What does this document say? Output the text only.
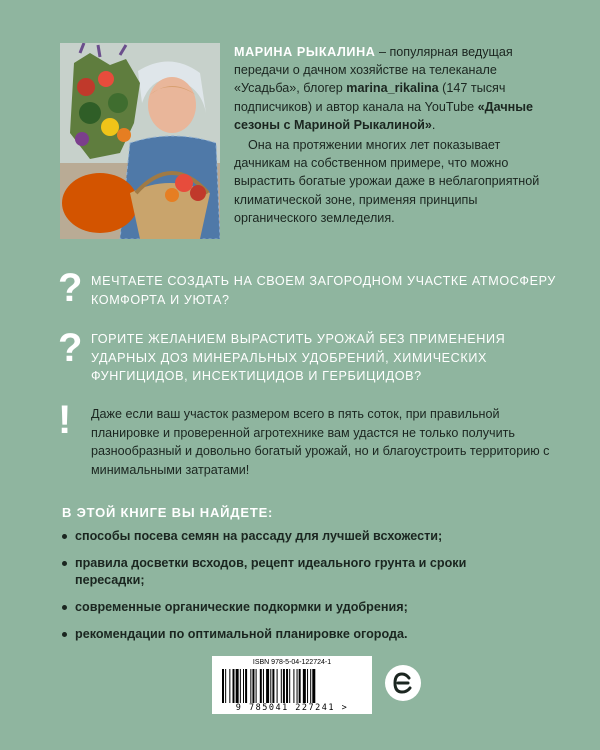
МАРИНА РЫКАЛИНА – популярная ведущая передачи о дачном хозяйстве на телеканале «Усадьба», блогер marina_rikalina (147 тысяч подписчиков) и автор канала на YouTube «Дачные сезоны с Мариной Рыкалиной».
Она на протяжении многих лет показывает дачникам на собственном примере, что можно вырастить богатые урожаи даже в неблагоприятной климатической зоне, применяя принципы органического земледелия.
? МЕЧТАЕТЕ СОЗДАТЬ НА СВОЕМ ЗАГОРОДНОМ УЧАСТКЕ АТМОСФЕРУ КОМФОРТА И УЮТА?
? ГОРИТЕ ЖЕЛАНИЕМ ВЫРАСТИТЬ УРОЖАЙ БЕЗ ПРИМЕНЕНИЯ УДАРНЫХ ДОЗ МИНЕРАЛЬНЫХ УДОБРЕНИЙ, ХИМИЧЕСКИХ ФУНГИЦИДОВ, ИНСЕКТИЦИДОВ И ГЕРБИЦИДОВ?
! Даже если ваш участок размером всего в пять соток, при правильной планировке и проверенной агротехнике вам удастся не только получить разнообразный и довольно богатый урожай, но и благоустроить территорию с минимальными затратами!
В ЭТОЙ КНИГЕ ВЫ НАЙДЕТЕ:
способы посева семян на рассаду для лучшей всхожести;
правила досветки всходов, рецепт идеального грунта и сроки пересадки;
современные органические подкормки и удобрения;
рекомендации по оптимальной планировке огорода.
ISBN 978-5-04-122724-1
9 785041 227241 >
